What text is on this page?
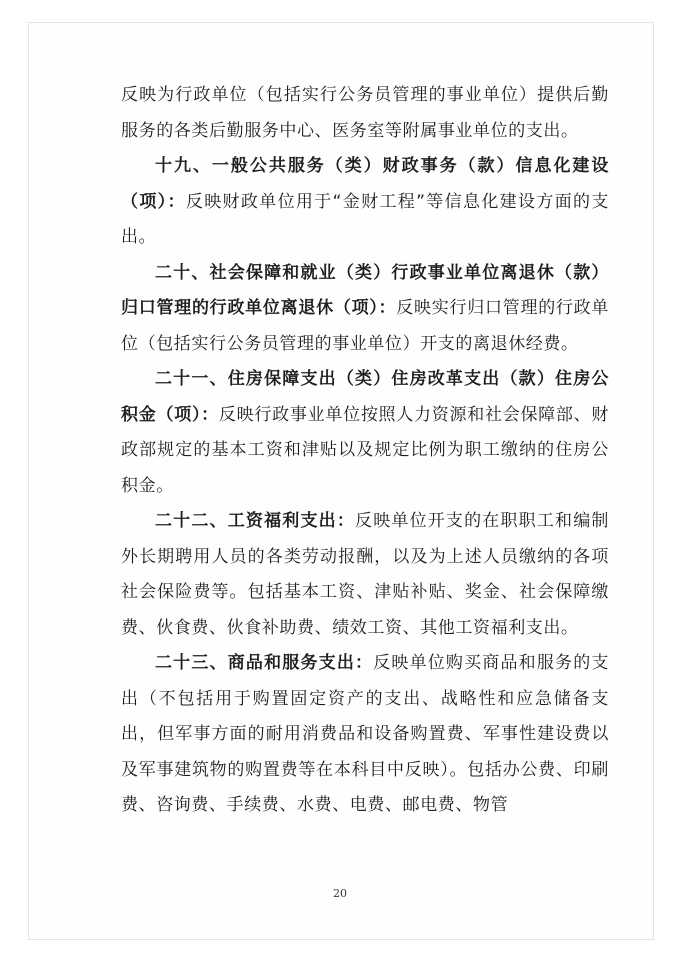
反映为行政单位（包括实行公务员管理的事业单位）提供后勤服务的各类后勤服务中心、医务室等附属事业单位的支出。

十九、一般公共服务（类）财政事务（款）信息化建设（项）：反映财政单位用于“金财工程”等信息化建设方面的支出。

二十、社会保障和就业（类）行政事业单位离退休（款）归口管理的行政单位离退休（项）：反映实行归口管理的行政单位（包括实行公务员管理的事业单位）开支的离退休经费。

二十一、住房保障支出（类）住房改革支出（款）住房公积金（项）：反映行政事业单位按照人力资源和社会保障部、财政部规定的基本工资和津贴以及规定比例为职工缴纳的住房公积金。

二十二、工资福利支出：反映单位开支的在职职工和编制外长期聘用人员的各类劳动报酬，以及为上述人员缴纳的各项社会保险费等。包括基本工资、津贴补贴、奖金、社会保障缴费、伙食费、伙食补助费、绩效工资、其他工资福利支出。

二十三、商品和服务支出：反映单位购买商品和服务的支出（不包括用于购置固定资产的支出、战略性和应急储备支出，但军事方面的耐用消费品和设备购置费、军事性建设费以及军事建筑物的购置费等在本科目中反映）。包括办公费、印刷费、咨询费、手续费、水费、电费、邮电费、物管

20
